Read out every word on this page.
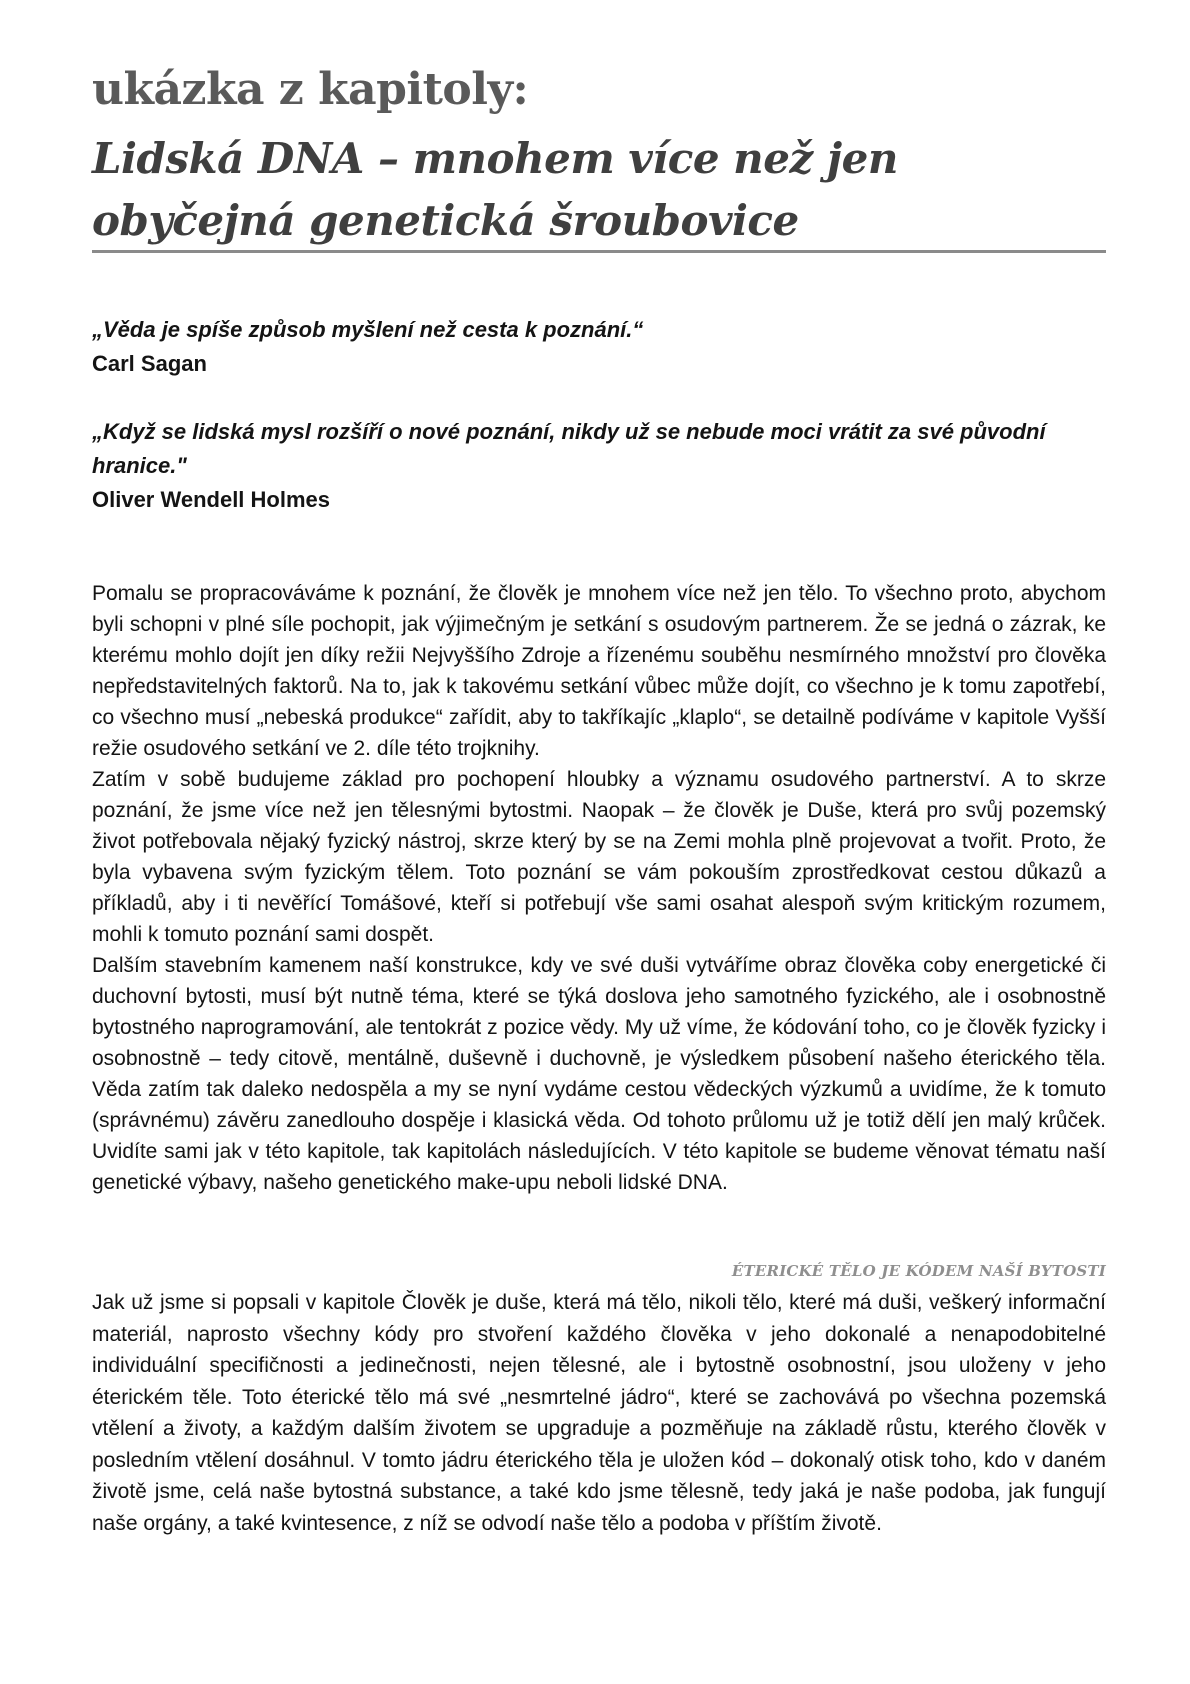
ukázka z kapitoly:
Lidská DNA – mnohem více než jen obyčejná genetická šroubovice

„Věda je spíše způsob myšlení než cesta k poznání.“

Carl Sagan

„Když se lidská mysl rozšíří o nové poznání, nikdy už se nebude moci vrátit za své původní hranice."

Oliver Wendell Holmes

Pomalu se propracováváme k poznání, že člověk je mnohem více než jen tělo. To všechno proto, abychom byli schopni v plné síle pochopit, jak výjimečným je setkání s osudovým partnerem. Že se jedná o zázrak, ke kterému mohlo dojít jen díky režii Nejvyššího Zdroje a řízenému souběhu nesmírného množství pro člověka nepředstavitelných faktorů. Na to, jak k takovému setkání vůbec může dojít, co všechno je k tomu zapotřebí, co všechno musí „nebeská produkce“ zařídit, aby to takříkajíc „klaplo“, se detailně podíváme v kapitole Vyšší režie osudového setkání ve 2. díle této trojknihy.

Zatím v sobě budujeme základ pro pochopení hloubky a významu osudového partnerství. A to skrze poznání, že jsme více než jen tělesnými bytostmi. Naopak – že člověk je Duše, která pro svůj pozemský život potřebovala nějaký fyzický nástroj, skrze který by se na Zemi mohla plně projevovat a tvořit. Proto, že byla vybavena svým fyzickým tělem. Toto poznání se vám pokouším zprostředkovat cestou důkazů a příkladů, aby i ti nevěřící Tomášové, kteří si potřebují vše sami osahat alespoň svým kritickým rozumem, mohli k tomuto poznání sami dospět.

Dalším stavebním kamenem naší konstrukce, kdy ve své duši vytváříme obraz člověka coby energetické či duchovní bytosti, musí být nutně téma, které se týká doslova jeho samotného fyzického, ale i osobnostně bytostného naprogramování, ale tentokrát z pozice vědy. My už víme, že kódování toho, co je člověk fyzicky i osobnostně – tedy citově, mentálně, duševně i duchovně, je výsledkem působení našeho éterického těla. Věda zatím tak daleko nedospěla a my se nyní vydáme cestou vědeckých výzkumů a uvidíme, že k tomuto (správnému) závěru zanedlouho dospěje i klasická věda. Od tohoto průlomu už je totiž dělí jen malý krůček. Uvidíte sami jak v této kapitole, tak kapitolách následujících. V této kapitole se budeme věnovat tématu naší genetické výbavy, našeho genetického make-upu neboli lidské DNA.

ÉTERICKÉ TĚLO JE KÓDEM NAŠÍ BYTOSTI

Jak už jsme si popsali v kapitole Člověk je duše, která má tělo, nikoli tělo, které má duši, veškerý informační materiál, naprosto všechny kódy pro stvoření každého člověka v jeho dokonalé a nenapodobitelné individuální specifičnosti a jedinečnosti, nejen tělesné, ale i bytostně osobnostní, jsou uloženy v jeho éterickém těle. Toto éterické tělo má své „nesmrtelné jádro“, které se zachovává po všechna pozemská vtělení a životy, a každým dalším životem se upgraduje a pozměňuje na základě růstu, kterého člověk v posledním vtělení dosáhnul. V tomto jádru éterického těla je uložen kód – dokonalý otisk toho, kdo v daném životě jsme, celá naše bytostná substance, a také kdo jsme tělesně, tedy jaká je naše podoba, jak fungují naše orgány, a také kvintesence, z níž se odvodí naše tělo a podoba v příštím životě.
